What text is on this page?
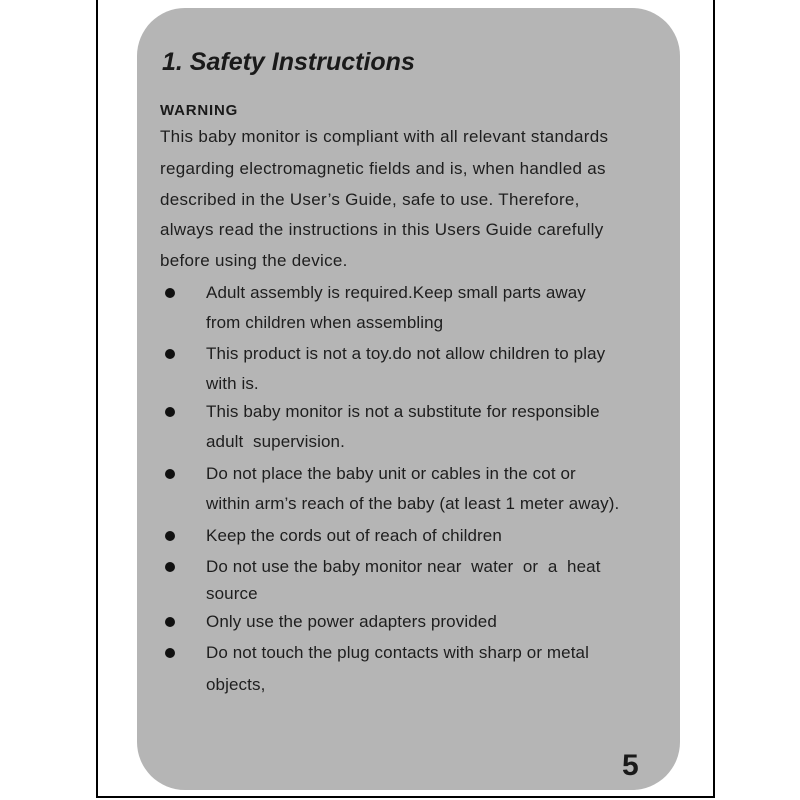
1. Safety Instructions
WARNING
This baby monitor is compliant with all relevant standards
regarding electromagnetic fields and is, when handled as
described in the User’s Guide, safe to use. Therefore,
always read the instructions in this Users Guide carefully
before using the device.
Adult assembly is required.Keep small parts away
from children when assembling
This product is not a toy.do not allow children to play
with is.
This baby monitor is not a substitute for responsible
adult  supervision.
Do not place the baby unit or cables in the cot or
within arm’s reach of the baby (at least 1 meter away).
Keep the cords out of reach of children
Do not use the baby monitor near  water  or  a  heat
source
Only use the power adapters provided
Do not touch the plug contacts with sharp or metal
objects,
5
